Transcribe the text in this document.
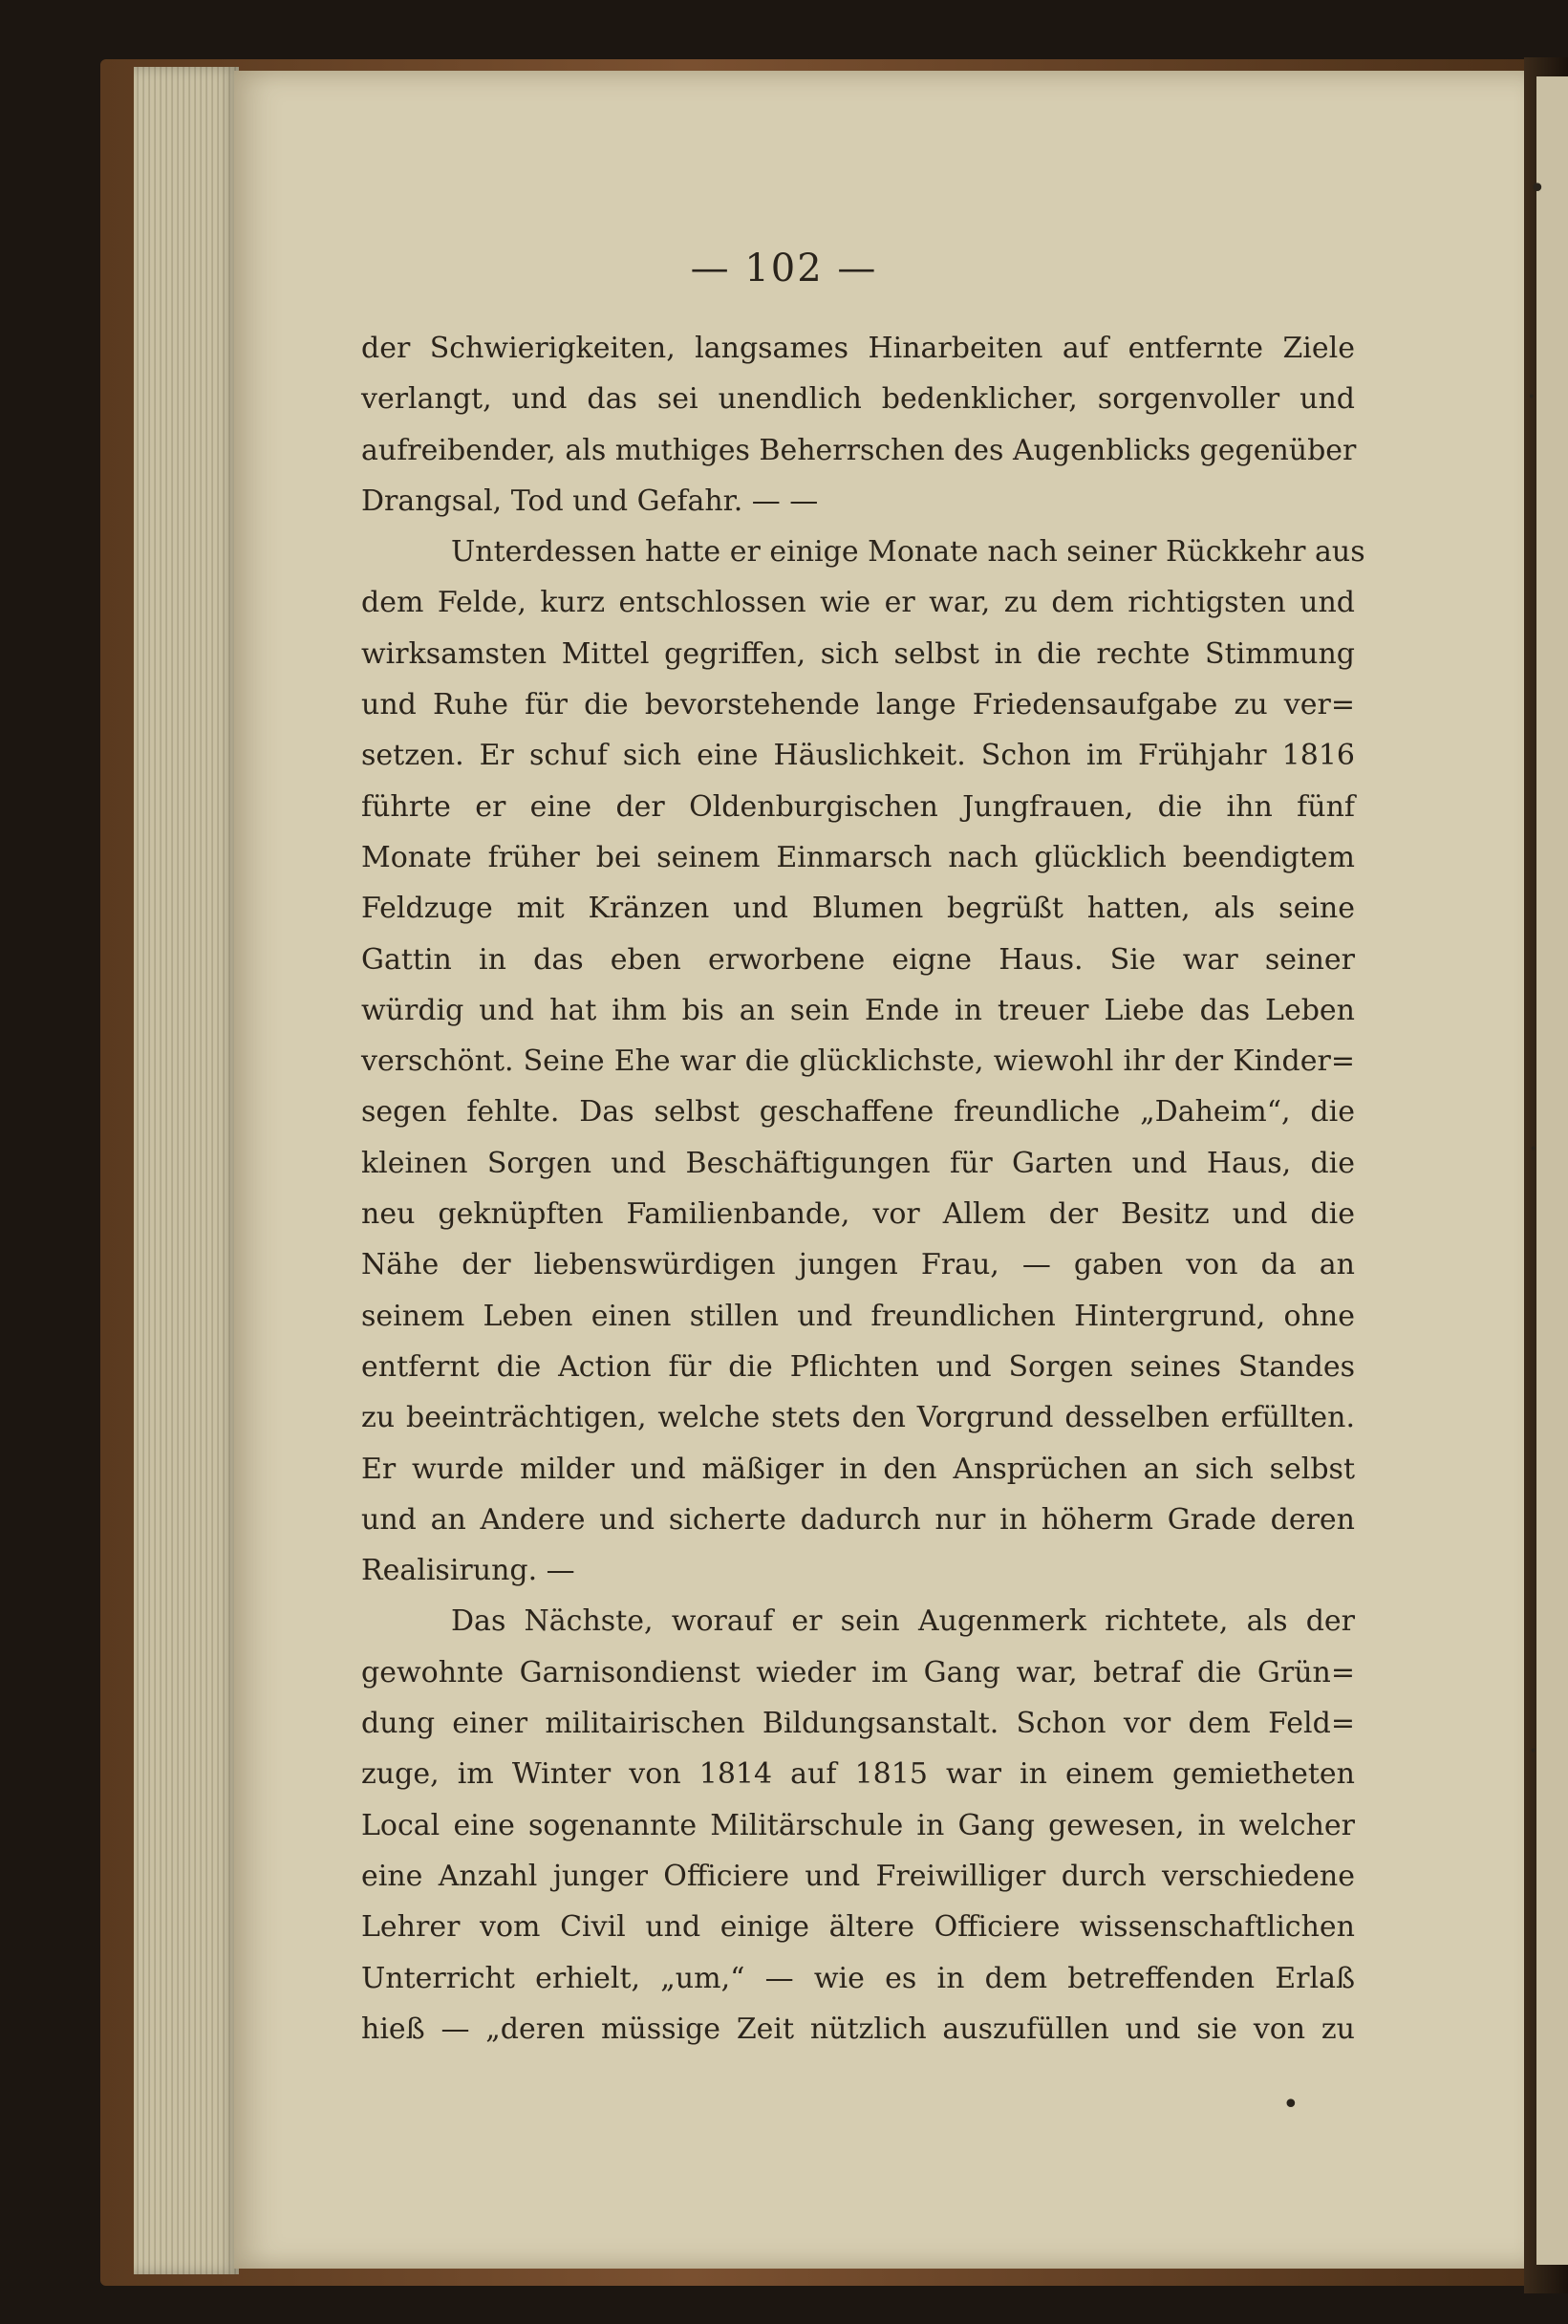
— 102 —
der Schwierigkeiten, langsames Hinarbeiten auf entfernte Ziele
verlangt, und das sei unendlich bedenklicher, sorgenvoller und
aufreibender, als muthiges Beherrschen des Augenblicks gegenüber
Drangsal, Tod und Gefahr. — —
Unterdessen hatte er einige Monate nach seiner Rückkehr aus
dem Felde, kurz entschlossen wie er war, zu dem richtigsten und
wirksamsten Mittel gegriffen, sich selbst in die rechte Stimmung
und Ruhe für die bevorstehende lange Friedensaufgabe zu ver=
setzen. Er schuf sich eine Häuslichkeit. Schon im Frühjahr 1816
führte er eine der Oldenburgischen Jungfrauen, die ihn fünf
Monate früher bei seinem Einmarsch nach glücklich beendigtem
Feldzuge mit Kränzen und Blumen begrüßt hatten, als seine
Gattin in das eben erworbene eigne Haus. Sie war seiner
würdig und hat ihm bis an sein Ende in treuer Liebe das Leben
verschönt. Seine Ehe war die glücklichste, wiewohl ihr der Kinder=
segen fehlte. Das selbst geschaffene freundliche „Daheim“, die
kleinen Sorgen und Beschäftigungen für Garten und Haus, die
neu geknüpften Familienbande, vor Allem der Besitz und die
Nähe der liebenswürdigen jungen Frau, — gaben von da an
seinem Leben einen stillen und freundlichen Hintergrund, ohne
entfernt die Action für die Pflichten und Sorgen seines Standes
zu beeinträchtigen, welche stets den Vorgrund desselben erfüllten.
Er wurde milder und mäßiger in den Ansprüchen an sich selbst
und an Andere und sicherte dadurch nur in höherm Grade deren
Realisirung. —
Das Nächste, worauf er sein Augenmerk richtete, als der
gewohnte Garnisondienst wieder im Gang war, betraf die Grün=
dung einer militairischen Bildungsanstalt. Schon vor dem Feld=
zuge, im Winter von 1814 auf 1815 war in einem gemietheten
Local eine sogenannte Militärschule in Gang gewesen, in welcher
eine Anzahl junger Officiere und Freiwilliger durch verschiedene
Lehrer vom Civil und einige ältere Officiere wissenschaftlichen
Unterricht erhielt, „um,“ — wie es in dem betreffenden Erlaß
hieß — „deren müssige Zeit nützlich auszufüllen und sie von zu
•
·
·
·
•
